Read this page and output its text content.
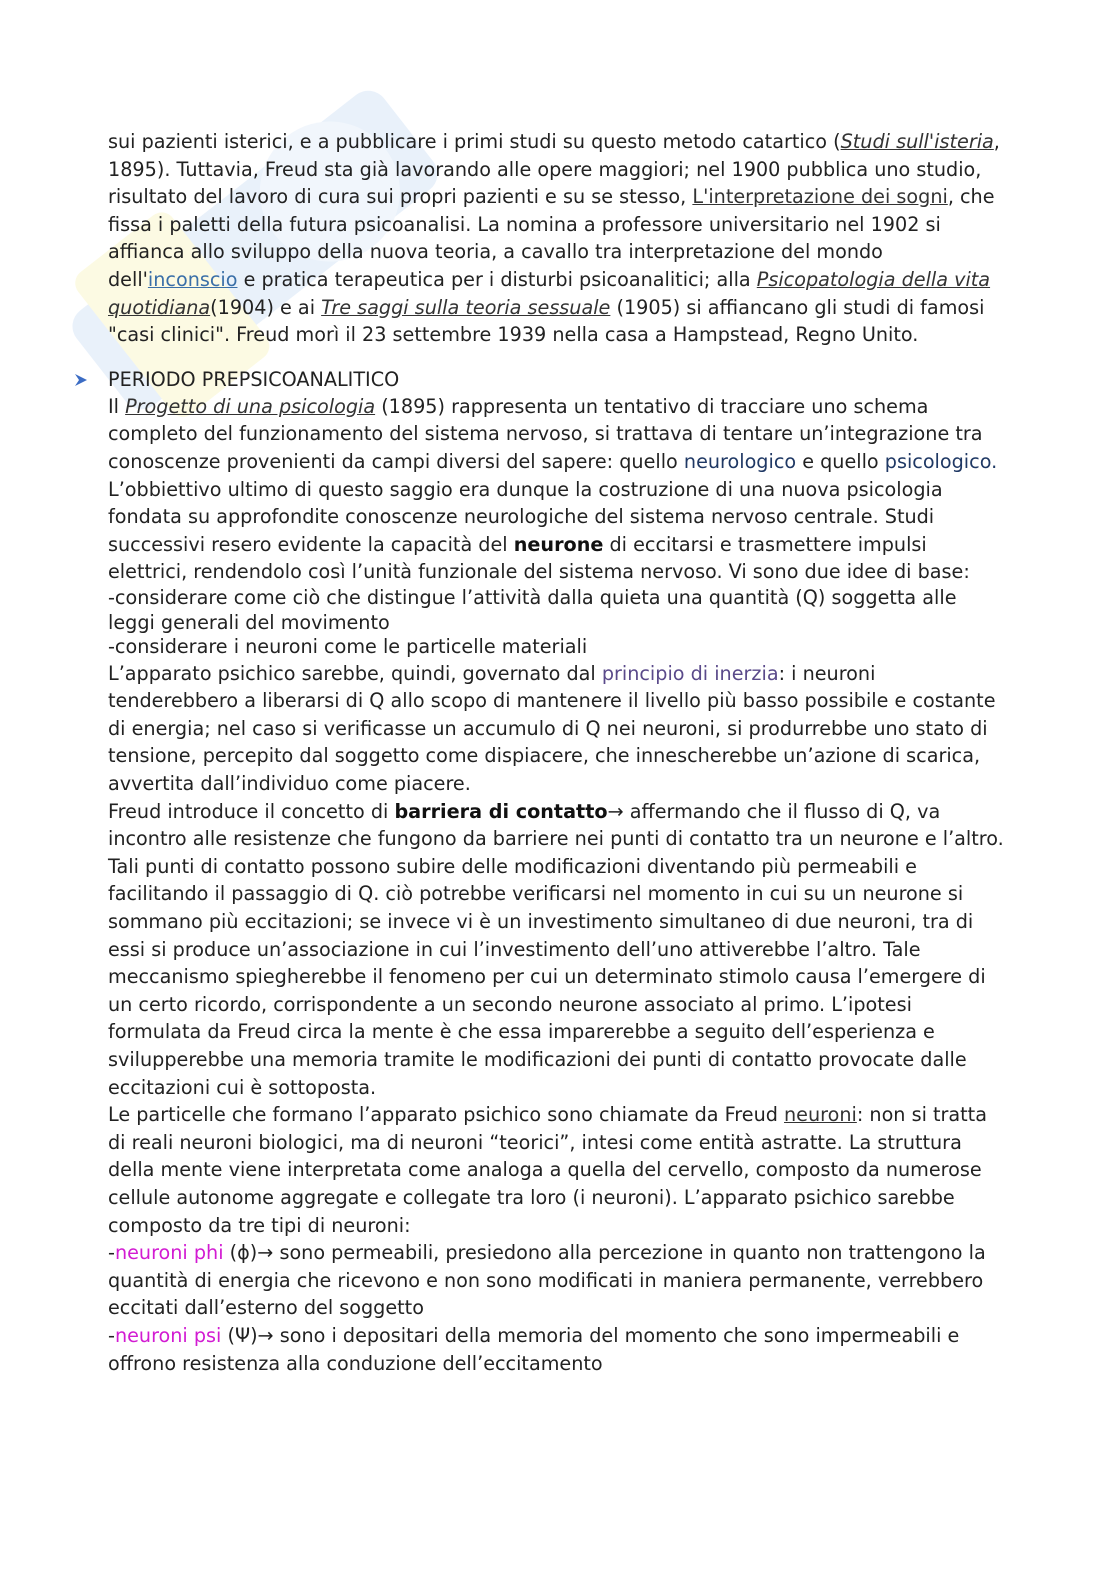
sui pazienti isterici, e a pubblicare i primi studi su questo metodo catartico (Studi sull'isteria, 1895). Tuttavia, Freud sta già lavorando alle opere maggiori; nel 1900 pubblica uno studio, risultato del lavoro di cura sui propri pazienti e su se stesso, L'interpretazione dei sogni, che fissa i paletti della futura psicoanalisi. La nomina a professore universitario nel 1902 si affianca allo sviluppo della nuova teoria, a cavallo tra interpretazione del mondo dell'inconscio e pratica terapeutica per i disturbi psicoanalitici; alla Psicopatologia della vita quotidiana(1904) e ai Tre saggi sulla teoria sessuale (1905) si affiancano gli studi di famosi "casi clinici". Freud morì il 23 settembre 1939 nella casa a Hampstead, Regno Unito.

PERIODO PREPSICOANALITICO

Il Progetto di una psicologia (1895) rappresenta un tentativo di tracciare uno schema completo del funzionamento del sistema nervoso, si trattava di tentare un’integrazione tra conoscenze provenienti da campi diversi del sapere: quello neurologico e quello psicologico. L’obbiettivo ultimo di questo saggio era dunque la costruzione di una nuova psicologia fondata su approfondite conoscenze neurologiche del sistema nervoso centrale. Studi successivi resero evidente la capacità del neurone di eccitarsi e trasmettere impulsi elettrici, rendendolo così l’unità funzionale del sistema nervoso. Vi sono due idee di base:

-considerare come ciò che distingue l’attività dalla quieta una quantità (Q) soggetta alle leggi generali del movimento
-considerare i neuroni come le particelle materiali

L’apparato psichico sarebbe, quindi, governato dal principio di inerzia: i neuroni tenderebbero a liberarsi di Q allo scopo di mantenere il livello più basso possibile e costante di energia; nel caso si verificasse un accumulo di Q nei neuroni, si produrrebbe uno stato di tensione, percepito dal soggetto come dispiacere, che innescherebbe un’azione di scarica, avvertita dall’individuo come piacere.

Freud introduce il concetto di barriera di contatto→ affermando che il flusso di Q, va incontro alle resistenze che fungono da barriere nei punti di contatto tra un neurone e l’altro. Tali punti di contatto possono subire delle modificazioni diventando più permeabili e facilitando il passaggio di Q. ciò potrebbe verificarsi nel momento in cui su un neurone si sommano più eccitazioni; se invece vi è un investimento simultaneo di due neuroni, tra di essi si produce un’associazione in cui l’investimento dell’uno attiverebbe l’altro. Tale meccanismo spiegherebbe il fenomeno per cui un determinato stimolo causa l’emergere di un certo ricordo, corrispondente a un secondo neurone associato al primo. L’ipotesi formulata da Freud circa la mente è che essa imparerebbe a seguito dell’esperienza e svilupperebbe una memoria tramite le modificazioni dei punti di contatto provocate dalle eccitazioni cui è sottoposta.

Le particelle che formano l’apparato psichico sono chiamate da Freud neuroni: non si tratta di reali neuroni biologici, ma di neuroni “teorici”, intesi come entità astratte. La struttura della mente viene interpretata come analoga a quella del cervello, composto da numerose cellule autonome aggregate e collegate tra loro (i neuroni). L’apparato psichico sarebbe composto da tre tipi di neuroni:

-neuroni phi (ϕ)→ sono permeabili, presiedono alla percezione in quanto non trattengono la quantità di energia che ricevono e non sono modificati in maniera permanente, verrebbero eccitati dall’esterno del soggetto

-neuroni psi (Ψ)→ sono i depositari della memoria del momento che sono impermeabili e offrono resistenza alla conduzione dell’eccitamento
